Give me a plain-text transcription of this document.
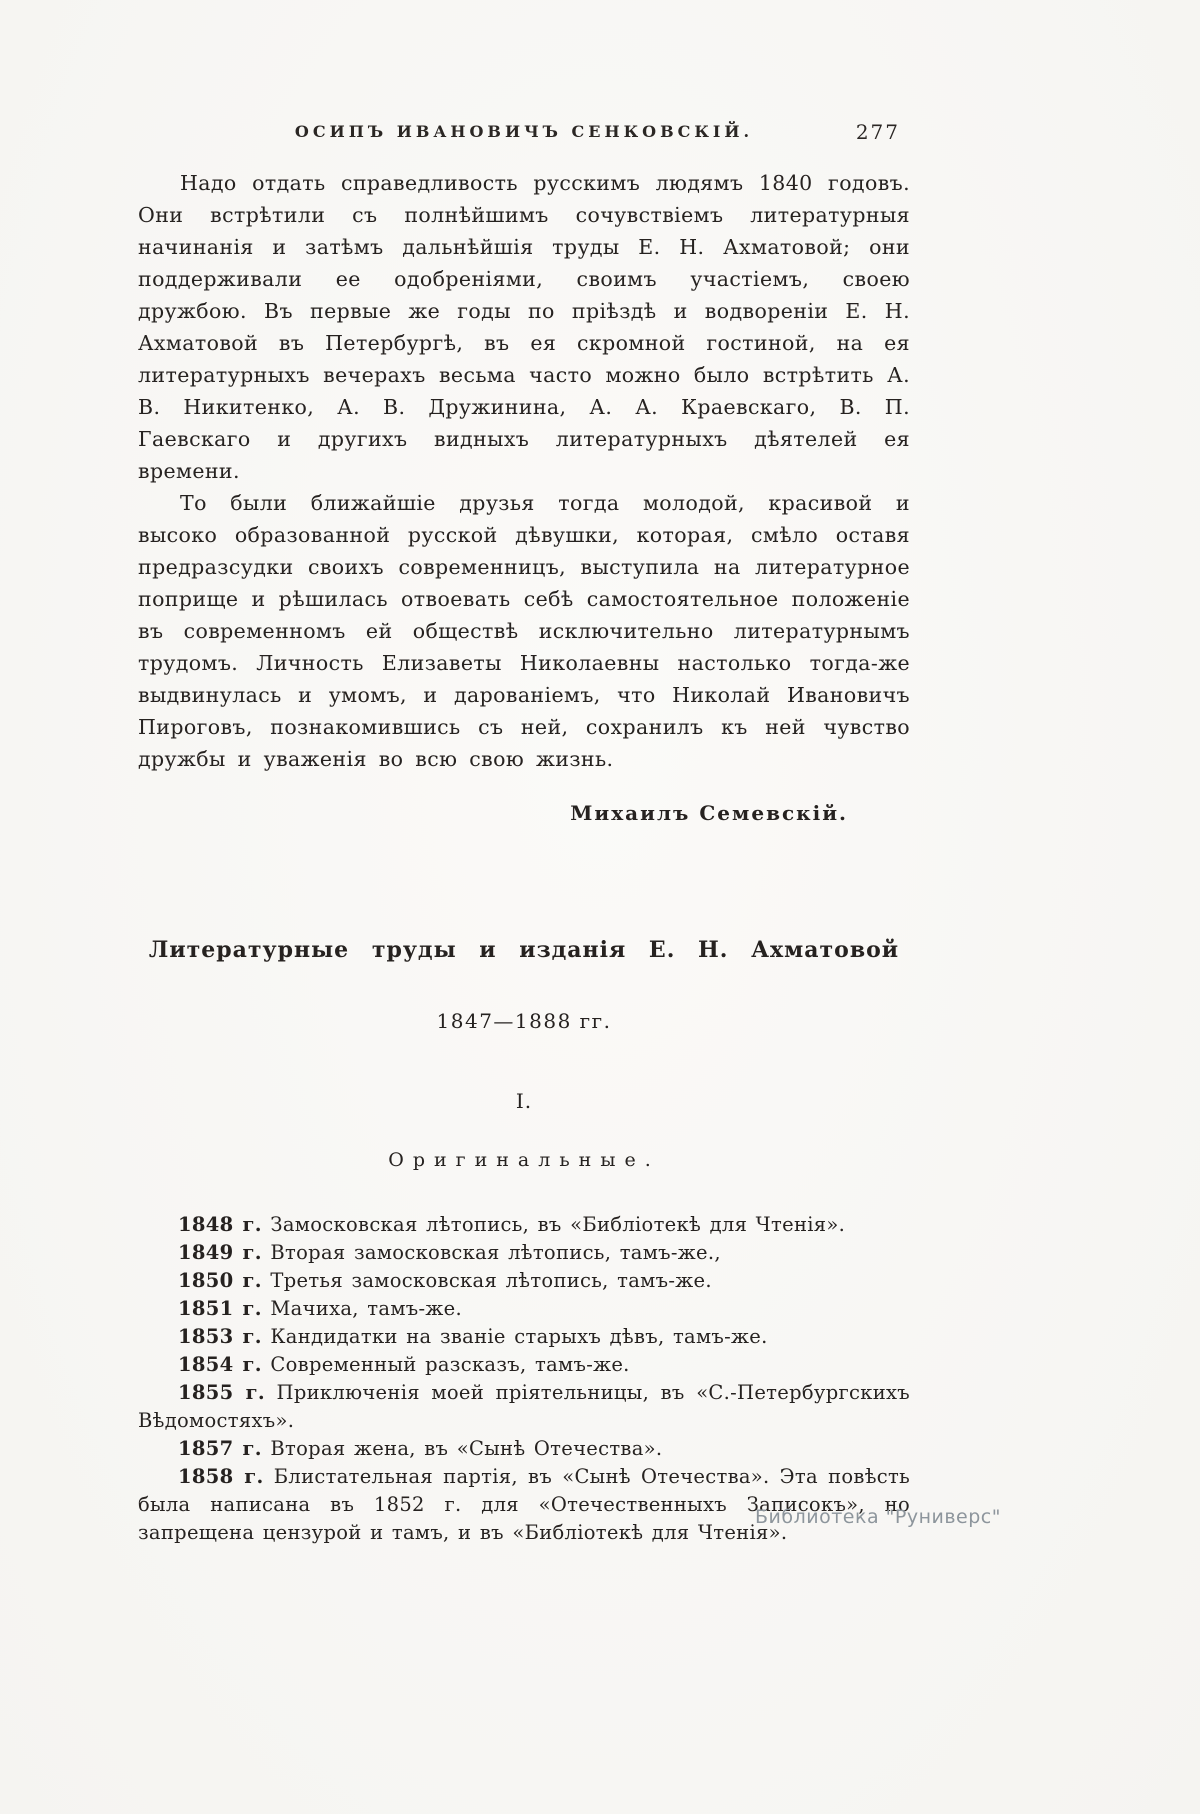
ОСИПЪ ИВАНОВИЧЪ СЕНКОВСКІЙ.	277

Надо отдать справедливость русскимъ людямъ 1840 годовъ. Они встрѣтили съ полнѣйшимъ сочувствіемъ литературныя начинанія и затѣмъ дальнѣйшія труды Е. Н. Ахматовой; они поддерживали ее одобреніями, своимъ участіемъ, своею дружбою. Въ первые же годы по пріѣздѣ и водвореніи Е. Н. Ахматовой въ Петербургѣ, въ ея скромной гостиной, на ея литературныхъ вечерахъ весьма часто можно было встрѣтить А. В. Никитенко, А. В. Дружинина, А. А. Краевскаго, В. П. Гаевскаго и другихъ видныхъ литературныхъ дѣятелей ея времени.

То были ближайшіе друзья тогда молодой, красивой и высоко образованной русской дѣвушки, которая, смѣло оставя предразсудки своихъ современницъ, выступила на литературное поприще и рѣшилась отвоевать себѣ самостоятельное положеніе въ современномъ ей обществѣ исключительно литературнымъ трудомъ. Личность Елизаветы Николаевны настолько тогда-же выдвинулась и умомъ, и дарованіемъ, что Николай Ивановичъ Пироговъ, познакомившись съ ней, сохранилъ къ ней чувство дружбы и уваженія во всю свою жизнь.

Михаилъ Семевскій.

Литературные труды и изданія Е. Н. Ахматовой

1847—1888 гг.

I.

Оригинальные.

1848 г. Замосковская лѣтопись, въ «Библіотекѣ для Чтенія».

1849 г. Вторая замосковская лѣтопись, тамъ-же.,

1850 г. Третья замосковская лѣтопись, тамъ-же.

1851 г. Мачиха, тамъ-же.

1853 г. Кандидатки на званіе старыхъ дѣвъ, тамъ-же.

1854 г. Современный разсказъ, тамъ-же.

1855 г. Приключенія моей пріятельницы, въ «С.-Петербургскихъ Вѣдомостяхъ».

1857 г. Вторая жена, въ «Сынѣ Отечества».

1858 г. Блистательная партія, въ «Сынѣ Отечества». Эта повѣсть была написана въ 1852 г. для «Отечественныхъ Записокъ», но запрещена цензурой и тамъ, и въ «Библіотекѣ для Чтенія».

Библиотека "Руниверс"
